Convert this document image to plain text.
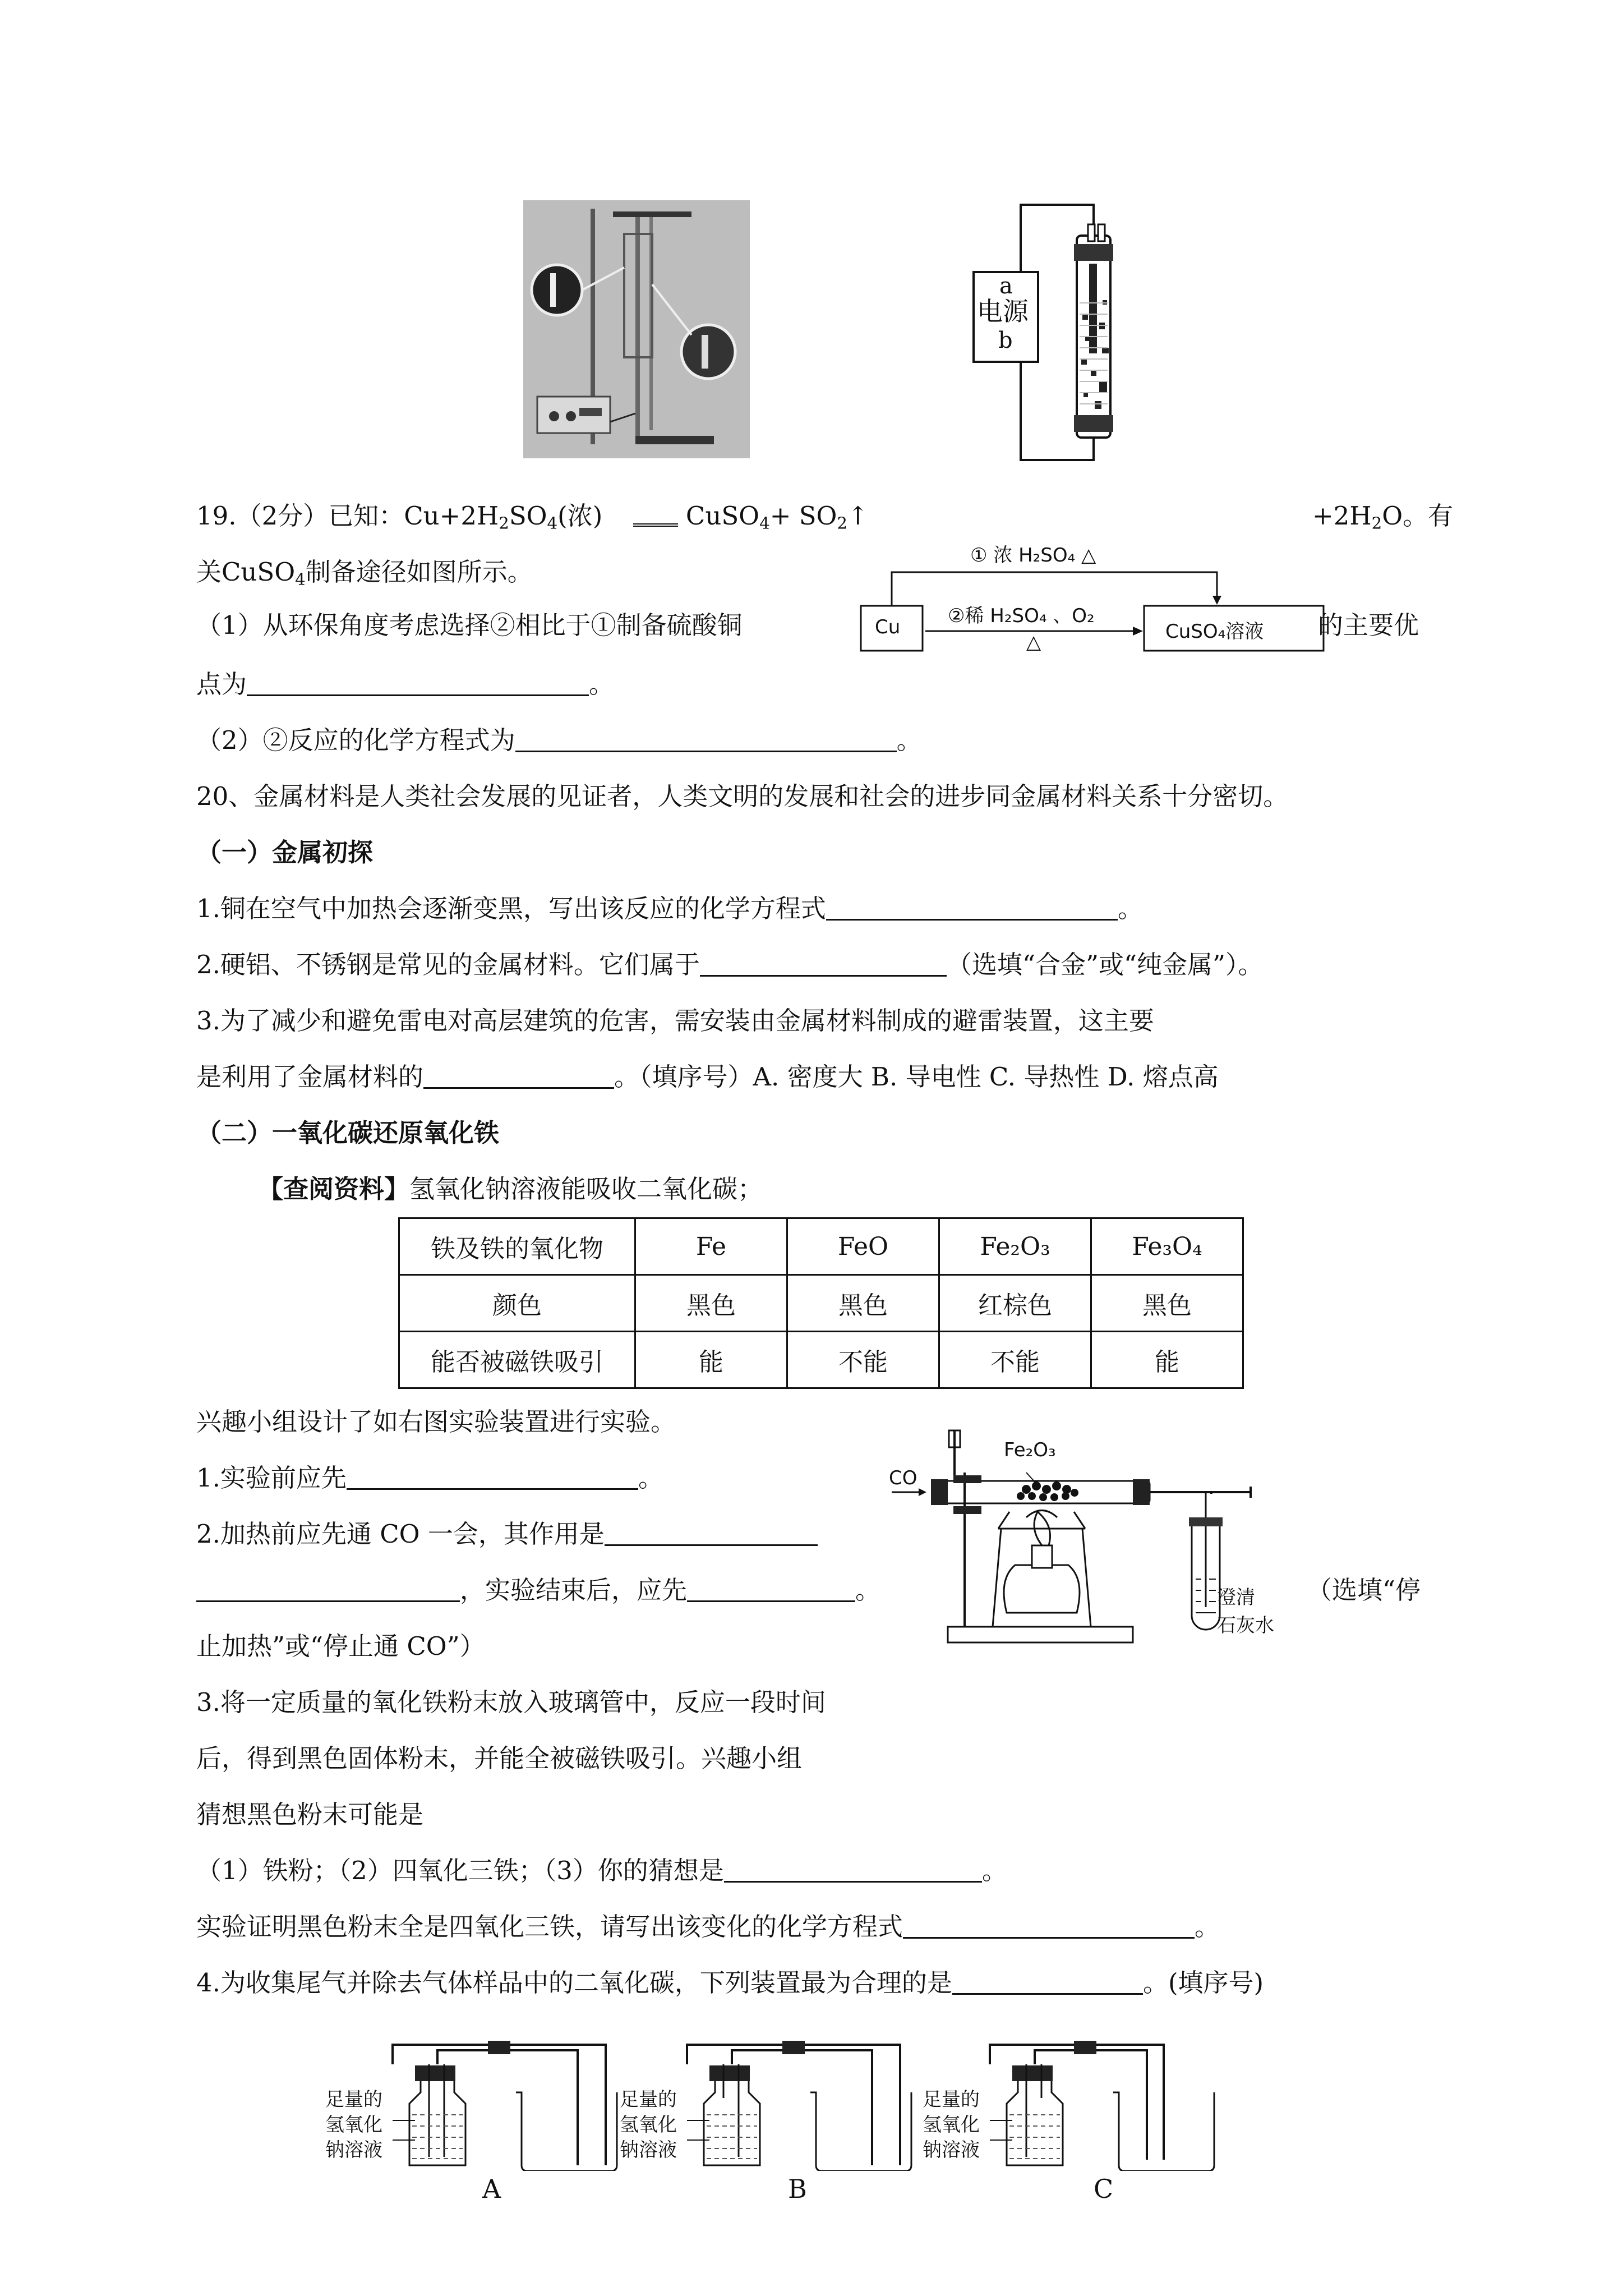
a
电源
b
19.（2分）已知：$Cu+2H_2SO_4$(浓)	CuSO$_4$+ $SO_2↑$	$+2H_2O$。有
关CuSO$_4$制备途径如图所示。
① 浓 H₂SO₄ △
②稀 H₂SO₄ 、O₂
△
Cu	CuSO₄溶液
（1）从环保角度考虑选择②相比于①制备硫酸铜	的主要优
点为	。
（2）②反应的化学方程式为	。
20、金属材料是人类社会发展的见证者，人类文明的发展和社会的进步同金属材料关系十分密切。
（一）金属初探
1.铜在空气中加热会逐渐变黑，写出该反应的化学方程式	。
2.硬铝、不锈钢是常见的金属材料。它们属于	（选填“合金”或“纯金属”）。
3.为了减少和避免雷电对高层建筑的危害，需安装由金属材料制成的避雷装置，这主要
是利用了金属材料的	。（填序号）A. 密度大 B. 导电性 C. 导热性 D. 熔点高
（二）一氧化碳还原氧化铁
【查阅资料】氢氧化钠溶液能吸收二氧化碳；
铁及铁的氧化物	Fe	FeO	Fe₂O₃	Fe₃O₄
颜色	黑色	黑色	红棕色	黑色
能否被磁铁吸引	能	不能	不能	能
兴趣小组设计了如右图实验装置进行实验。
1.实验前应先	。
2.加热前应先通 CO 一会，其作用是
，实验结束后，应先	。	（选填“停
止加热”或“停止通 CO”）
CO
Fe₂O₃
澄清
石灰水
3.将一定质量的氧化铁粉末放入玻璃管中，反应一段时间
后，得到黑色固体粉末，并能全被磁铁吸引。兴趣小组
猜想黑色粉末可能是
（1）铁粉；（2）四氧化三铁；（3）你的猜想是	。
实验证明黑色粉末全是四氧化三铁，请写出该变化的化学方程式	。
4.为收集尾气并除去气体样品中的二氧化碳，下列装置最为合理的是	。(填序号)
足量的
氢氧化
钠溶液
足量的
氢氧化
钠溶液
足量的
氢氧化
钠溶液
A	B	C
